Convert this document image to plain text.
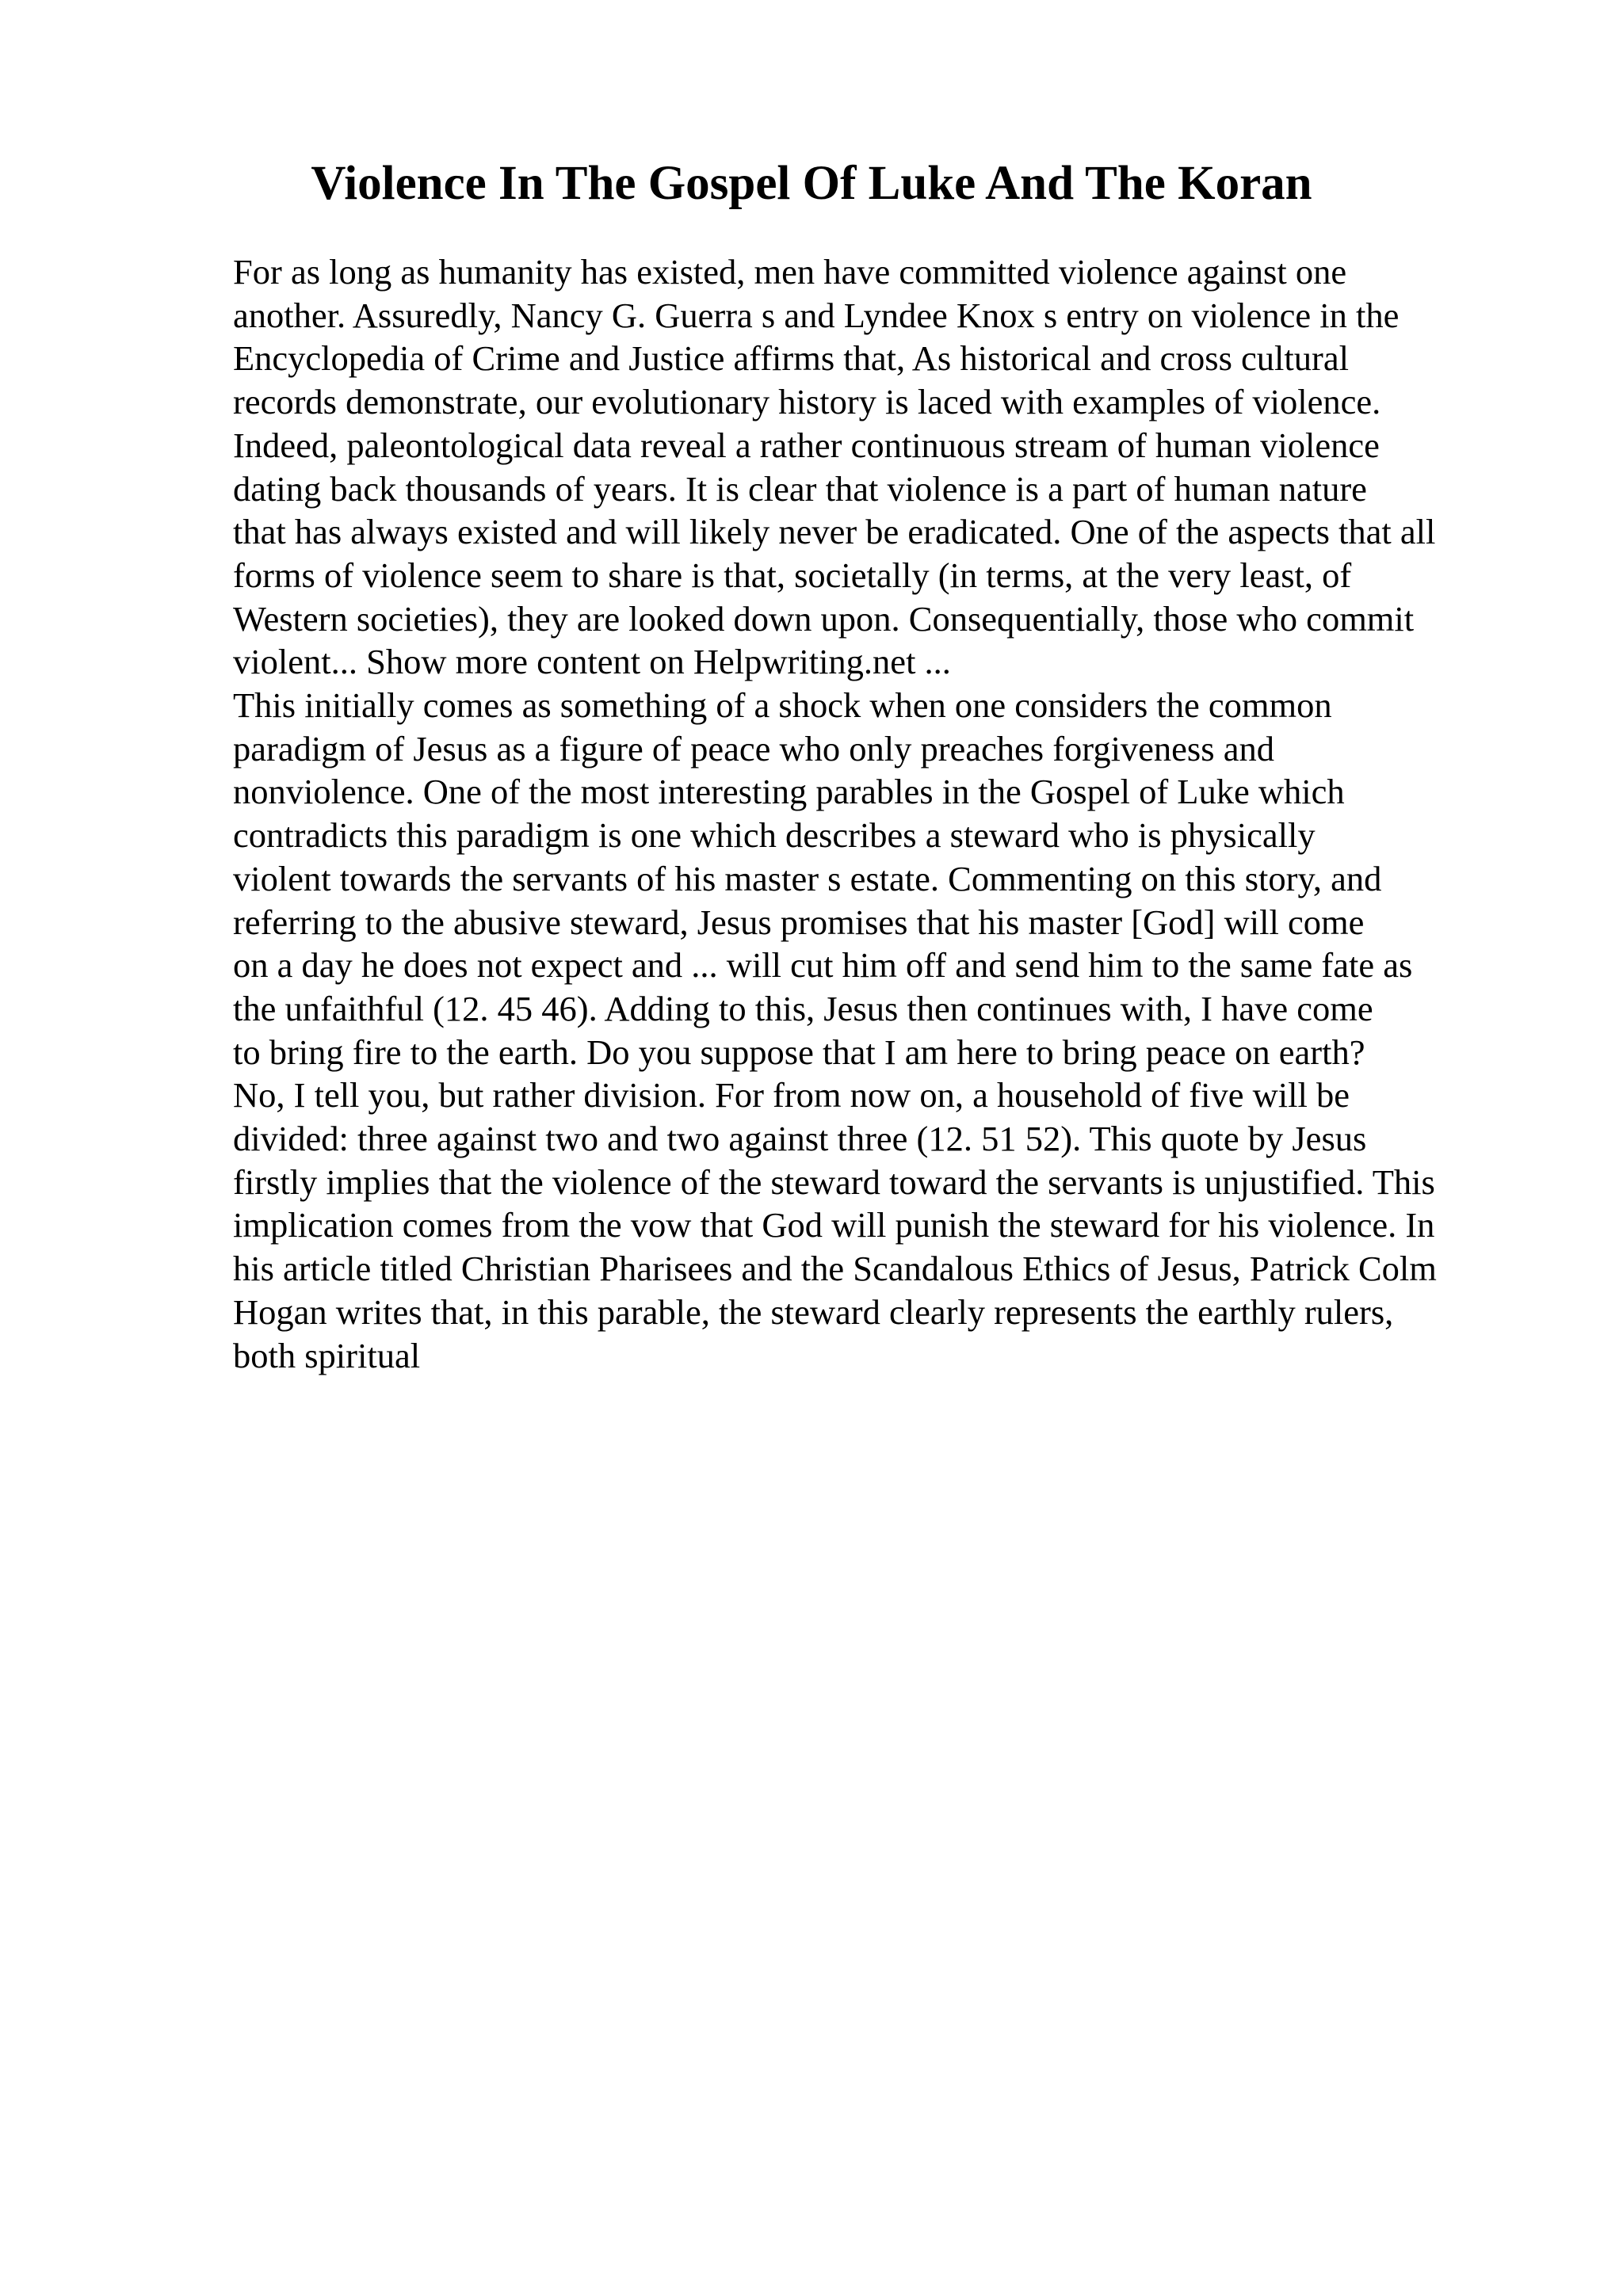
Violence In The Gospel Of Luke And The Koran
For as long as humanity has existed, men have committed violence against one
another. Assuredly, Nancy G. Guerra s and Lyndee Knox s entry on violence in the
Encyclopedia of Crime and Justice affirms that, As historical and cross cultural
records demonstrate, our evolutionary history is laced with examples of violence.
Indeed, paleontological data reveal a rather continuous stream of human violence
dating back thousands of years. It is clear that violence is a part of human nature
that has always existed and will likely never be eradicated. One of the aspects that all
forms of violence seem to share is that, societally (in terms, at the very least, of
Western societies), they are looked down upon. Consequentially, those who commit
violent... Show more content on Helpwriting.net ...
This initially comes as something of a shock when one considers the common
paradigm of Jesus as a figure of peace who only preaches forgiveness and
nonviolence. One of the most interesting parables in the Gospel of Luke which
contradicts this paradigm is one which describes a steward who is physically
violent towards the servants of his master s estate. Commenting on this story, and
referring to the abusive steward, Jesus promises that his master [God] will come
on a day he does not expect and ... will cut him off and send him to the same fate as
the unfaithful (12. 45 46). Adding to this, Jesus then continues with, I have come
to bring fire to the earth. Do you suppose that I am here to bring peace on earth?
No, I tell you, but rather division. For from now on, a household of five will be
divided: three against two and two against three (12. 51 52). This quote by Jesus
firstly implies that the violence of the steward toward the servants is unjustified. This
implication comes from the vow that God will punish the steward for his violence. In
his article titled Christian Pharisees and the Scandalous Ethics of Jesus, Patrick Colm
Hogan writes that, in this parable, the steward clearly represents the earthly rulers,
both spiritual
